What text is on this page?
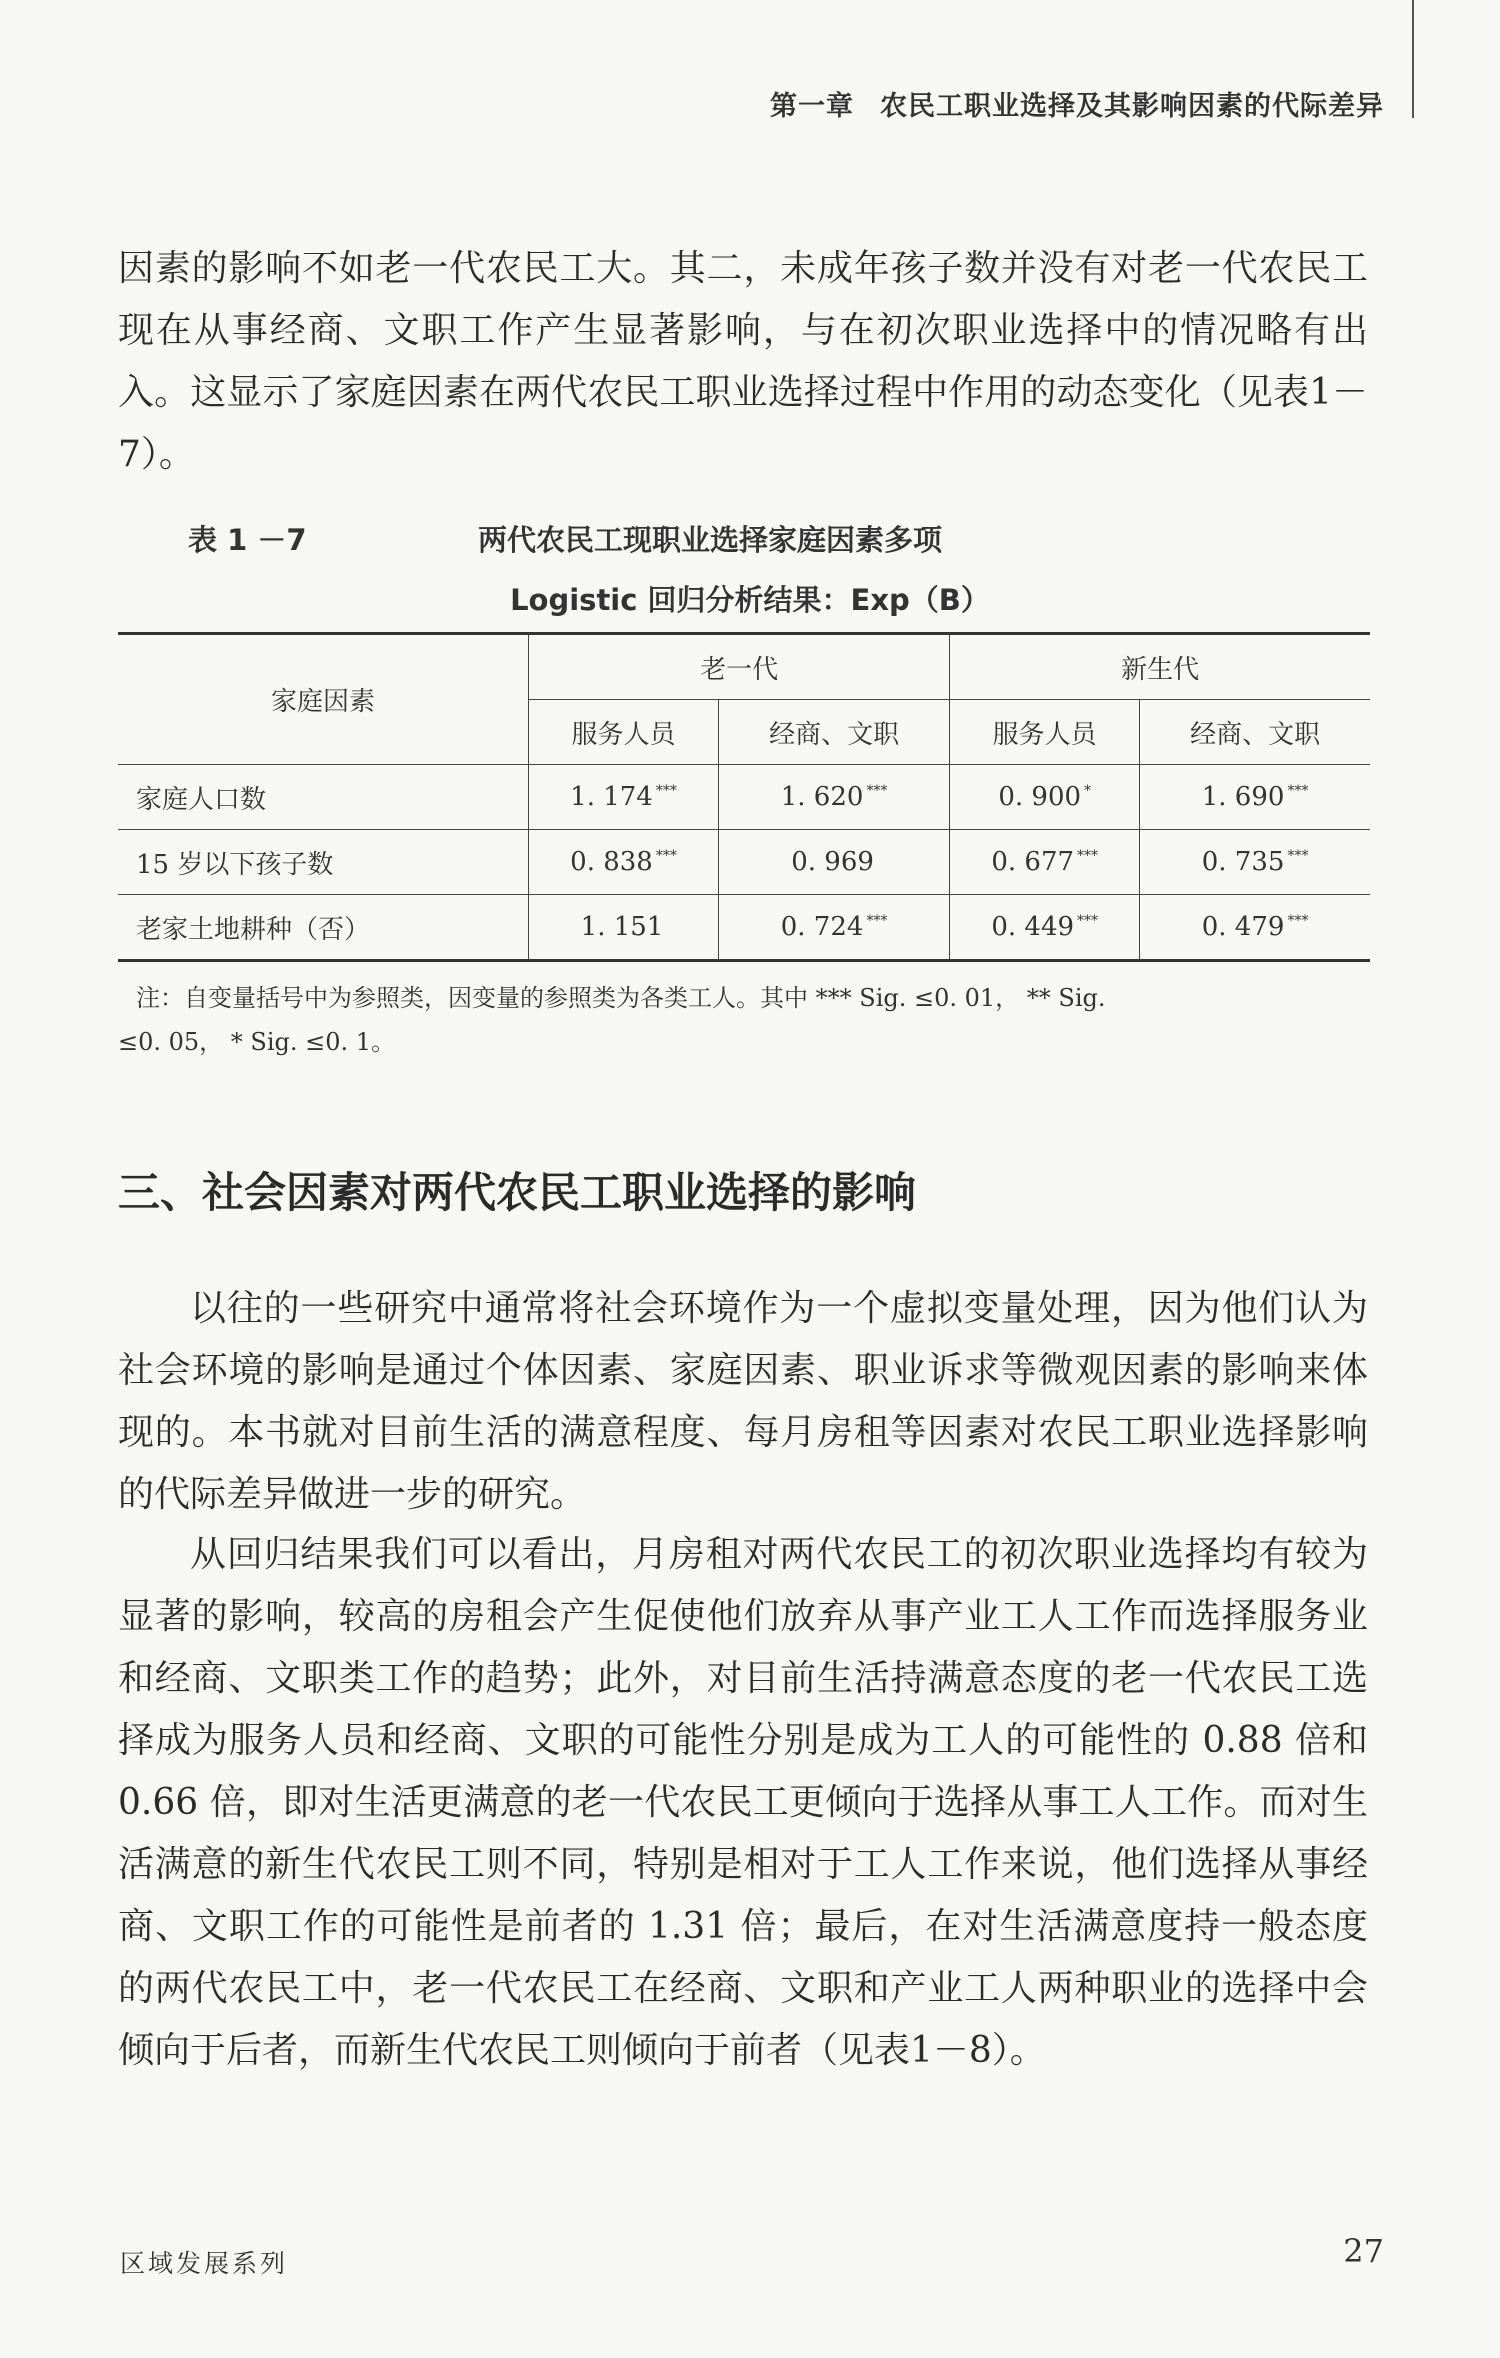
第一章 农民工职业选择及其影响因素的代际差异

因素的影响不如老一代农民工大。其二，未成年孩子数并没有对老一代农民工现在从事经商、文职工作产生显著影响，与在初次职业选择中的情况略有出入。这显示了家庭因素在两代农民工职业选择过程中作用的动态变化（见表1－7）。

表 1 －7	两代农民工现职业选择家庭因素多项
Logistic 回归分析结果：Exp（B）
家庭因素	老一代		新生代	
	服务人员	经商、文职	服务人员	经商、文职
家庭人口数	1. 174 ***	1. 620 ***	0. 900 *	1. 690 ***
15 岁以下孩子数	0. 838 ***	0. 969	0. 677 ***	0. 735 ***
老家土地耕种（否）	1. 151	0. 724 ***	0. 449 ***	0. 479 ***

注：自变量括号中为参照类，因变量的参照类为各类工人。其中 *** Sig. ≤0. 01， ** Sig.
≤0. 05， * Sig. ≤0. 1。

三、社会因素对两代农民工职业选择的影响

以往的一些研究中通常将社会环境作为一个虚拟变量处理，因为他们认为社会环境的影响是通过个体因素、家庭因素、职业诉求等微观因素的影响来体现的。本书就对目前生活的满意程度、每月房租等因素对农民工职业选择影响的代际差异做进一步的研究。

从回归结果我们可以看出，月房租对两代农民工的初次职业选择均有较为显著的影响，较高的房租会产生促使他们放弃从事产业工人工作而选择服务业和经商、文职类工作的趋势；此外，对目前生活持满意态度的老一代农民工选择成为服务人员和经商、文职的可能性分别是成为工人的可能性的 0.88 倍和 0.66 倍，即对生活更满意的老一代农民工更倾向于选择从事工人工作。而对生活满意的新生代农民工则不同，特别是相对于工人工作来说，他们选择从事经商、文职工作的可能性是前者的 1.31 倍；最后，在对生活满意度持一般态度的两代农民工中，老一代农民工在经商、文职和产业工人两种职业的选择中会倾向于后者，而新生代农民工则倾向于前者（见表1－8）。

区域发展系列	27
